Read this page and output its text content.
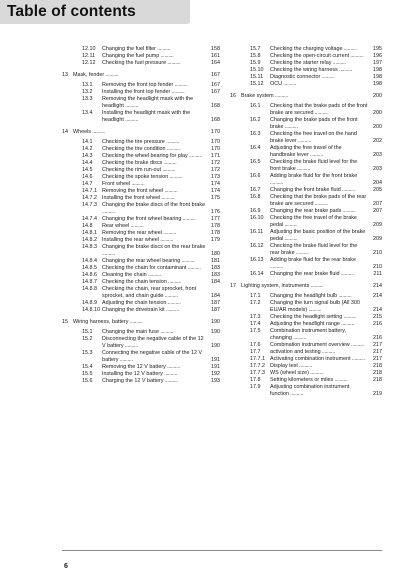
Table of contents
12.10	Changing the fuel filter ..........	158
12.11	Changing the fuel pump ..........	161
12.12	Checking the fuel pressure ..........	164
13 Mask, fender ..........	167
13.1	Removing the front top fender ..........	167
13.2	Installing the front top fender ..........	167
13.3	Removing the headlight mask with the headlight ..........	168
13.4	Installing the headlight mask with the headlight ..........	168
14 Wheels ..........	170
14.1	Checking the tire pressure ..........	170
14.2	Checking the tire condition ..........	170
14.3	Checking the wheel bearing for play .......... 171
14.4	Checking the brake discs ..........	172
14.5	Checking the rim run-out ..........	172
14.6	Checking the spoke tension ..........	173
14.7	Front wheel ..........	174
14.7.1 Removing the front wheel ..........	174
14.7.2 Installing the front wheel ..........	175
14.7.3 Changing the brake discs of the front brake ..........	176
14.7.4 Changing the front wheel bearing ..........	177
14.8	Rear wheel ..........	178
14.8.1 Removing the rear wheel ..........	178
14.8.2 Installing the rear wheel ..........	179
14.8.3 Changing the brake discs on the rear brake ..........	180
14.8.4 Changing the rear wheel bearing ..........	181
14.8.5 Checking the chain for contaminant .......... 183
14.8.6 Cleaning the chain ..........	183
14.8.7 Checking the chain tension ..........	184
14.8.8 Checking the chain, rear sprocket, front sprocket, and chain guide ..........	184
14.8.9 Adjusting the chain tension ..........	187
14.8.10 Changing the drivetrain kit ..........	187
15 Wiring harness, battery ..........	190
15.1	Changing the main fuse ..........	190
15.2	Disconnecting the negative cable of the 12 V battery ..........	190
15.3	Connecting the negative cable of the 12 V battery ..........	191
15.4	Removing the 12 V battery ..........	191
15.5	Installing the 12 V battery ..........	192
15.6	Charging the 12 V battery ..........	193
15.7	Checking the charging voltage ..........	195
15.8	Checking the open-circuit current .......... 196
15.9	Checking the starter relay ..........	197
15.10	Checking the wiring harness ..........	198
15.11	Diagnostic connector ..........	198
15.12	OCU ..........	198
16 Brake system ..........	200
16.1	Checking that the brake pads of the front brake are secured ..........	200
16.2	Changing the brake pads of the front brake ..........	200
16.3	Checking the free travel on the hand brake lever ..........	202
16.4	Adjusting the free travel of the handbrake lever ..........	203
16.5	Checking the brake fluid level for the front brake ..........	203
16.6	Adding brake fluid for the front brake ..........	204
16.7	Changing the front brake fluid ..........	205
16.8	Checking that the brake pads of the rear brake are secured ..........	207
16.9	Changing the rear brake pads ..........	207
16.10	Checking the free travel of the brake pedal ..........	209
16.11	Adjusting the basic position of the brake pedal ..........	209
16.12	Checking the brake fluid level for the rear brake ..........	210
16.13	Adding brake fluid for the rear brake ..........	210
16.14	Changing the rear brake fluid ..........	211
17 Lighting system, instruments ..........	214
17.1	Changing the headlight bulb ..........	214
17.2	Changing the turn signal bulb (All 300 EU/AR models) ..........	214
17.3	Checking the headlight setting ..........	215
17.4	Adjusting the headlight range ..........	216
17.5	Combination instrument battery, changing ..........	216
17.6	Combination instrument overview .......... 217
17.7	activation and testing ..........	217
17.7.1 Activating combination instrument .......... 217
17.7.2 Display test ..........	218
17.7.3 WS (wheel size) ..........	218
17.8	Setting kilometers or miles ..........	218
17.9	Adjusting combination instrument function ..........	219
6
